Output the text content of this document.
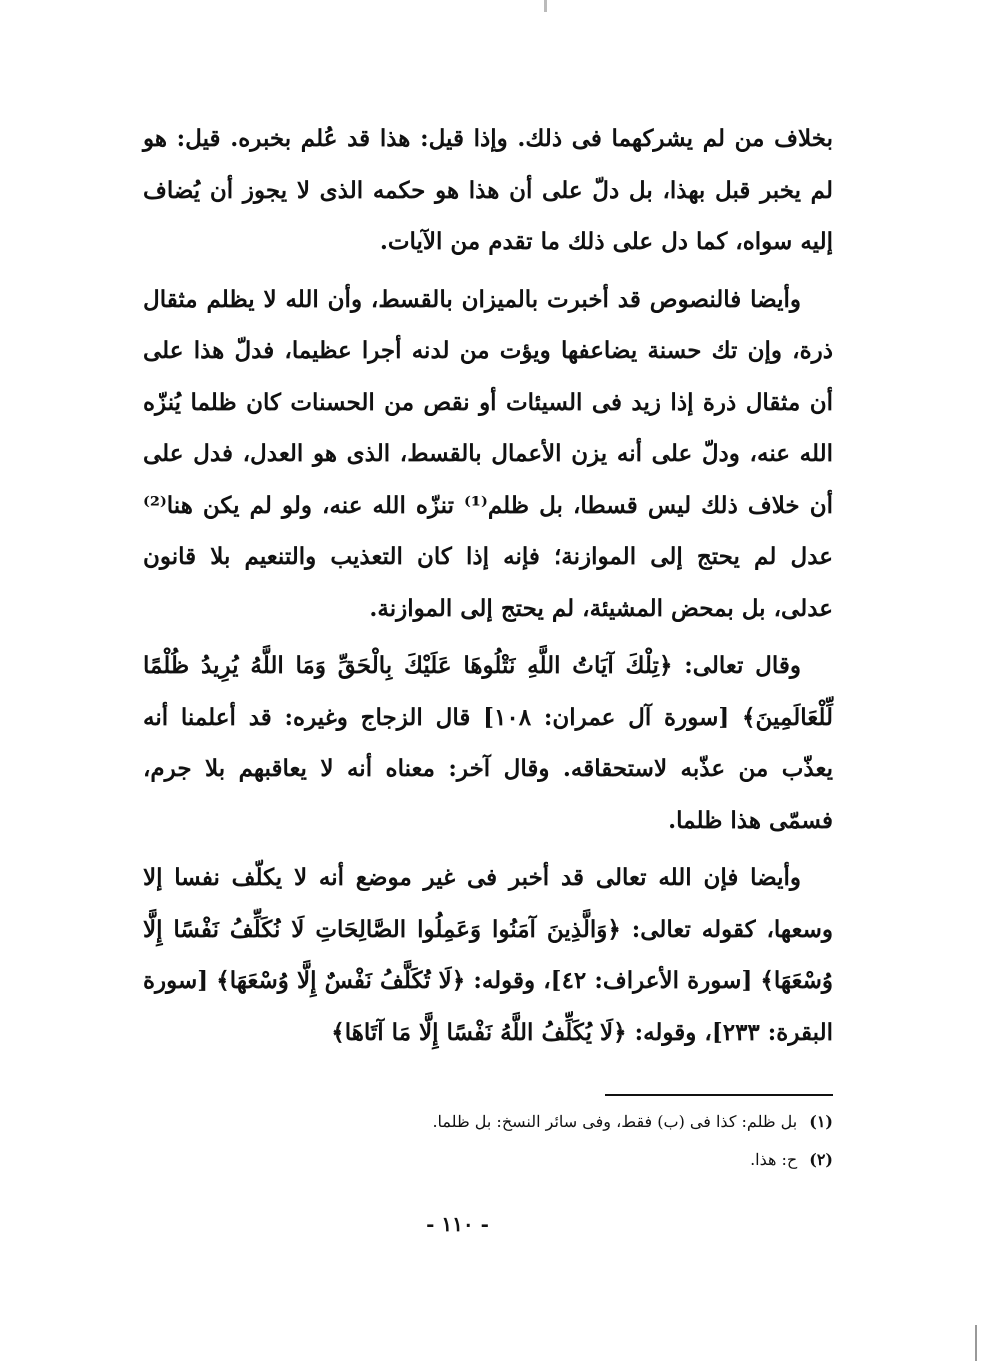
بخلاف من لم يشركهما فى ذلك. وإذا قيل: هذا قد عُلم بخبره. قيل: هو لم يخبر قبل بهذا، بل دلّ على أن هذا هو حكمه الذى لا يجوز أن يُضاف إليه سواه، كما دل على ذلك ما تقدم من الآيات.

وأيضا فالنصوص قد أخبرت بالميزان بالقسط، وأن الله لا يظلم مثقال ذرة، وإن تك حسنة يضاعفها ويؤت من لدنه أجرا عظيما، فدلّ هذا على أن مثقال ذرة إذا زيد فى السيئات أو نقص من الحسنات كان ظلما يُنزّه الله عنه، ودلّ على أنه يزن الأعمال بالقسط، الذى هو العدل، فدل على أن خلاف ذلك ليس قسطا، بل ظلم⁽¹⁾ تنزّه الله عنه، ولو لم يكن هنا⁽²⁾ عدل لم يحتج إلى الموازنة؛ فإنه إذا كان التعذيب والتنعيم بلا قانون عدلى، بل بمحض المشيئة، لم يحتج إلى الموازنة.

وقال تعالى: ﴿تِلْكَ آيَاتُ اللَّهِ نَتْلُوهَا عَلَيْكَ بِالْحَقِّ وَمَا اللَّهُ يُرِيدُ ظُلْمًا لِّلْعَالَمِينَ﴾ [سورة آل عمران: ١٠٨] قال الزجاج وغيره: قد أعلمنا أنه يعذّب من عذّبه لاستحقاقه. وقال آخر: معناه أنه لا يعاقبهم بلا جرم، فسمّى هذا ظلما.

وأيضا فإن الله تعالى قد أخبر فى غير موضع أنه لا يكلّف نفسا إلا وسعها، كقوله تعالى: ﴿وَالَّذِينَ آمَنُوا وَعَمِلُوا الصَّالِحَاتِ لَا نُكَلِّفُ نَفْسًا إِلَّا وُسْعَهَا﴾ [سورة الأعراف: ٤٢]، وقوله: ﴿لَا تُكَلَّفُ نَفْسٌ إِلَّا وُسْعَهَا﴾ [سورة البقرة: ٢٣٣]، وقوله: ﴿لَا يُكَلِّفُ اللَّهُ نَفْسًا إِلَّا مَا آتَاهَا﴾

(١)
بل ظلم: كذا فى (ب) فقط، وفى سائر النسخ: بل ظلما.
(٢)
ح: هذا.
- ١١٠ -
